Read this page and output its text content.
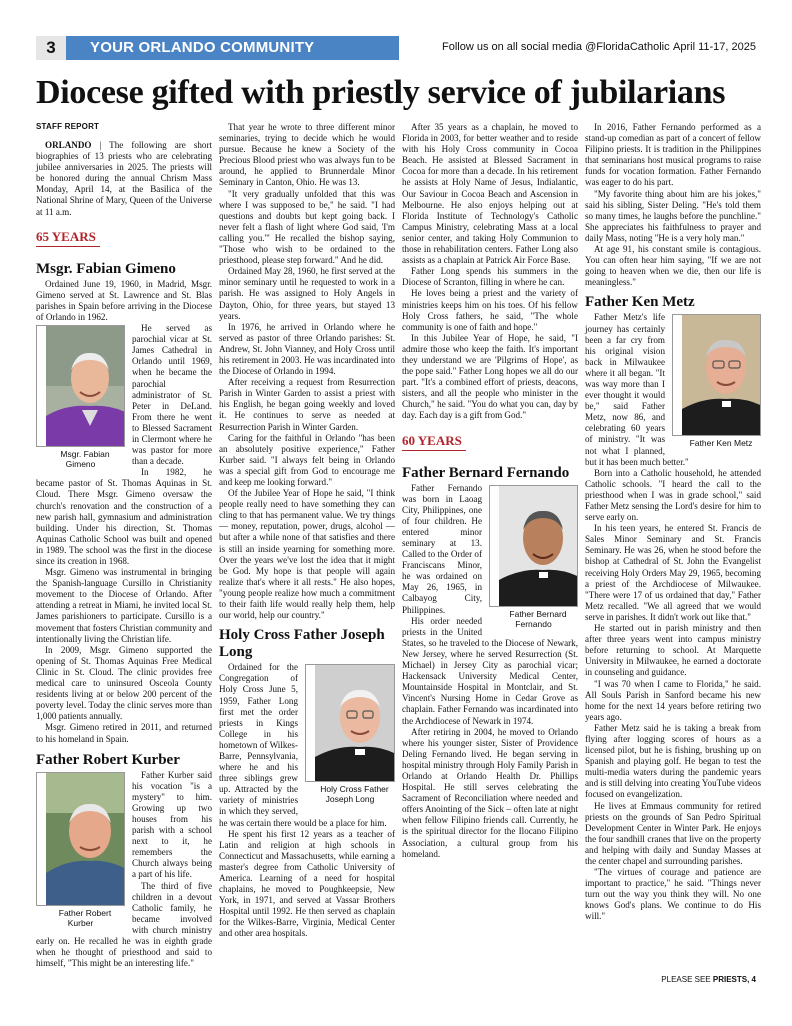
3	YOUR ORLANDO COMMUNITY	Follow us on all social media @FloridaCatholic April 11-17, 2025
Diocese gifted with priestly service of jubilarians
STAFF REPORT

ORLANDO | The following are short biographies of 13 priests who are celebrating jubilee anniversaries in 2025. The priests will be honored during the annual Chrism Mass Monday, April 14, at the Basilica of the National Shrine of Mary, Queen of the Universe at 11 a.m.

65 YEARS
Msgr. Fabian Gimeno

Ordained June 19, 1960, in Madrid, Msgr. Gimeno served at St. Lawrence and St. Blas parishes in Spain before arriving in the Diocese of Orlando in 1962.

Msgr. Fabian Gimeno
He served as parochial vicar at St. James Cathedral in Orlando until 1969, when he became the parochial administrator of St. Peter in DeLand. From there he went to Blessed Sacrament in Clermont where he was pastor for more than a decade.

In 1982, he became pastor of St. Thomas Aquinas in St. Cloud. There Msgr. Gimeno oversaw the church's renovation and the construction of a new parish hall, gymnasium and administration building. Under his direction, St. Thomas Aquinas Catholic School was built and opened in 1989. The school was the first in the diocese since its creation in 1968.

Msgr. Gimeno was instrumental in bringing the Spanish-language Cursillo in Christianity movement to the Diocese of Orlando. After attending a retreat in Miami, he invited local St. James parishioners to participate. Cursillo is a movement that fosters Christian community and intentionally living the Christian life.

In 2009, Msgr. Gimeno supported the opening of St. Thomas Aquinas Free Medical Clinic in St. Cloud. The clinic provides free medical care to uninsured Osceola County residents living at or below 200 percent of the poverty level. Today the clinic serves more than 1,000 patients annually.

Msgr. Gimeno retired in 2011, and returned to his homeland in Spain.

Father Robert Kurber

Father Robert Kurber
Father Kurber said his vocation "is a mystery" to him. Growing up two houses from his parish with a school next to it, he remembers the Church always being a part of his life.

The third of five children in a devout Catholic family, he became involved with church ministry early on. He recalled he was in eighth grade when he thought of priesthood and said to himself, "This might be an interesting life."

That year he wrote to three different minor seminaries, trying to decide which he would pursue. Because he knew a Society of the Precious Blood priest who was always fun to be around, he applied to Brunnerdale Minor Seminary in Canton, Ohio. He was 13.

"It very gradually unfolded that this was where I was supposed to be," he said. "I had questions and doubts but kept going back. I never felt a flash of light where God said, 'I'm calling you.'" He recalled the bishop saying, "Those who wish to be ordained to the priesthood, please step forward." And he did.

Ordained May 28, 1960, he first served at the minor seminary until he requested to work in a parish. He was assigned to Holy Angels in Dayton, Ohio, for three years, but stayed 13 years.

In 1976, he arrived in Orlando where he served as pastor of three Orlando parishes: St. Andrew, St. John Vianney, and Holy Cross until his retirement in 2003. He was incardinated into the Diocese of Orlando in 1994.

After receiving a request from Resurrection Parish in Winter Garden to assist a priest with his English, he began going weekly and loved it. He continues to serve as needed at Resurrection Parish in Winter Garden.

Caring for the faithful in Orlando "has been an absolutely positive experience," Father Kurber said. "I always felt being in Orlando was a special gift from God to encourage me and keep me looking forward."

Of the Jubilee Year of Hope he said, "I think people really need to have something they can cling to that has permanent value. We try things — money, reputation, power, drugs, alcohol — but after a while none of that satisfies and there is still an inside yearning for something more. Over the years we've lost the idea that it might be God. My hope is that people will again realize that's where it all rests." He also hopes, "young people realize how much a commitment to their faith life would really help them, help our world, help our country."

Holy Cross Father Joseph Long

Holy Cross Father Joseph Long
Ordained for the Congregation of Holy Cross June 5, 1959, Father Long first met the order priests in Kings College in his hometown of Wilkes-Barre, Pennsylvania, where he and his three siblings grew up. Attracted by the variety of ministries in which they served, he was certain there would be a place for him.

He spent his first 12 years as a teacher of Latin and religion at high schools in Connecticut and Massachusetts, while earning a master's degree from Catholic University of America. Learning of a need for hospital chaplains, he moved to Poughkeepsie, New York, in 1971, and served at Vassar Brothers Hospital until 1992. He then served as chaplain for the Wilkes-Barre, Virginia, Medical Center and other area hospitals.

After 35 years as a chaplain, he moved to Florida in 2003, for better weather and to reside with his Holy Cross community in Cocoa Beach. He assisted at Blessed Sacrament in Cocoa for more than a decade. In his retirement he assists at Holy Name of Jesus, Indialantic, Our Saviour in Cocoa Beach and Ascension in Melbourne. He also enjoys helping out at Florida Institute of Technology's Catholic Campus Ministry, celebrating Mass at a local senior center, and taking Holy Communion to those in rehabilitation centers. Father Long also assists as a chaplain at Patrick Air Force Base.

Father Long spends his summers in the Diocese of Scranton, filling in where he can.

He loves being a priest and the variety of ministries keeps him on his toes. Of his fellow Holy Cross fathers, he said, "The whole community is one of faith and hope."

In this Jubilee Year of Hope, he said, "I admire those who keep the faith. It's important they understand we are 'Pilgrims of Hope', as the pope said." Father Long hopes we all do our part. "It's a combined effort of priests, deacons, sisters, and all the people who minister in the Church," he said. "You do what you can, day by day. Each day is a gift from God."

60 YEARS
Father Bernard Fernando

Father Bernard Fernando
Father Fernando was born in Laoag City, Philippines, one of four children. He entered minor seminary at 13. Called to the Order of Franciscans Minor, he was ordained on May 26, 1965, in Calbayog City, Philippines.

His order needed priests in the United States, so he traveled to the Diocese of Newark, New Jersey, where he served Resurrection (St. Michael) in Jersey City as parochial vicar; Hackensack University Medical Center, Mountainside Hospital in Montclair, and St. Vincent's Nursing Home in Cedar Grove as chaplain. Father Fernando was incardinated into the Archdiocese of Newark in 1974.

After retiring in 2004, he moved to Orlando where his younger sister, Sister of Providence Deling Fernando lived. He began serving in hospital ministry through Holy Family Parish in Orlando at Orlando Health Dr. Phillips Hospital. He still serves celebrating the Sacrament of Reconciliation where needed and offers Anointing of the Sick – often late at night when fellow Filipino friends call. Currently, he is the spiritual director for the Ilocano Filipino Association, a cultural group from his homeland.

In 2016, Father Fernando performed as a stand-up comedian as part of a concert of fellow Filipino priests. It is tradition in the Philippines that seminarians host musical programs to raise funds for vocation formation. Father Fernando was eager to do his part.

"My favorite thing about him are his jokes," said his sibling, Sister Deling. "He's told them so many times, he laughs before the punchline." She appreciates his faithfulness to prayer and daily Mass, noting "He is a very holy man."

At age 91, his constant smile is contagious. You can often hear him saying, "If we are not going to heaven when we die, then our life is meaningless."

Father Ken Metz

Father Ken Metz
Father Metz's life journey has certainly been a far cry from his original vision back in Milwaukee where it all began. "It was way more than I ever thought it would be," said Father Metz, now 86, and celebrating 60 years of ministry. "It was not what I planned, but it has been much better."

Born into a Catholic household, he attended Catholic schools. "I heard the call to the priesthood when I was in grade school," said Father Metz sensing the Lord's desire for him to serve early on.

In his teen years, he entered St. Francis de Sales Minor Seminary and St. Francis Seminary. He was 26, when he stood before the bishop at Cathedral of St. John the Evangelist receiving Holy Orders May 29, 1965, becoming a priest of the Archdiocese of Milwaukee. "There were 17 of us ordained that day," Father Metz recalled. "We all agreed that we would serve in parishes. It didn't work out like that."

He started out in parish ministry and then after three years went into campus ministry before returning to school. At Marquette University in Milwaukee, he earned a doctorate in counseling and guidance.

"I was 70 when I came to Florida," he said. All Souls Parish in Sanford became his new home for the next 14 years before retiring two years ago.

Father Metz said he is taking a break from flying after logging scores of hours as a licensed pilot, but he is fishing, brushing up on Spanish and playing golf. He began to test the multi-media waters during the pandemic years and is still delving into creating YouTube videos focused on evangelization.

He lives at Emmaus community for retired priests on the grounds of San Pedro Spiritual Development Center in Winter Park. He enjoys the four sandhill cranes that live on the property and helping with daily and Sunday Masses at the center chapel and surrounding parishes.

"The virtues of courage and patience are important to practice," he said. "Things never turn out the way you think they will. No one knows God's plans. We continue to do His will."

PLEASE SEE PRIESTS, 4
